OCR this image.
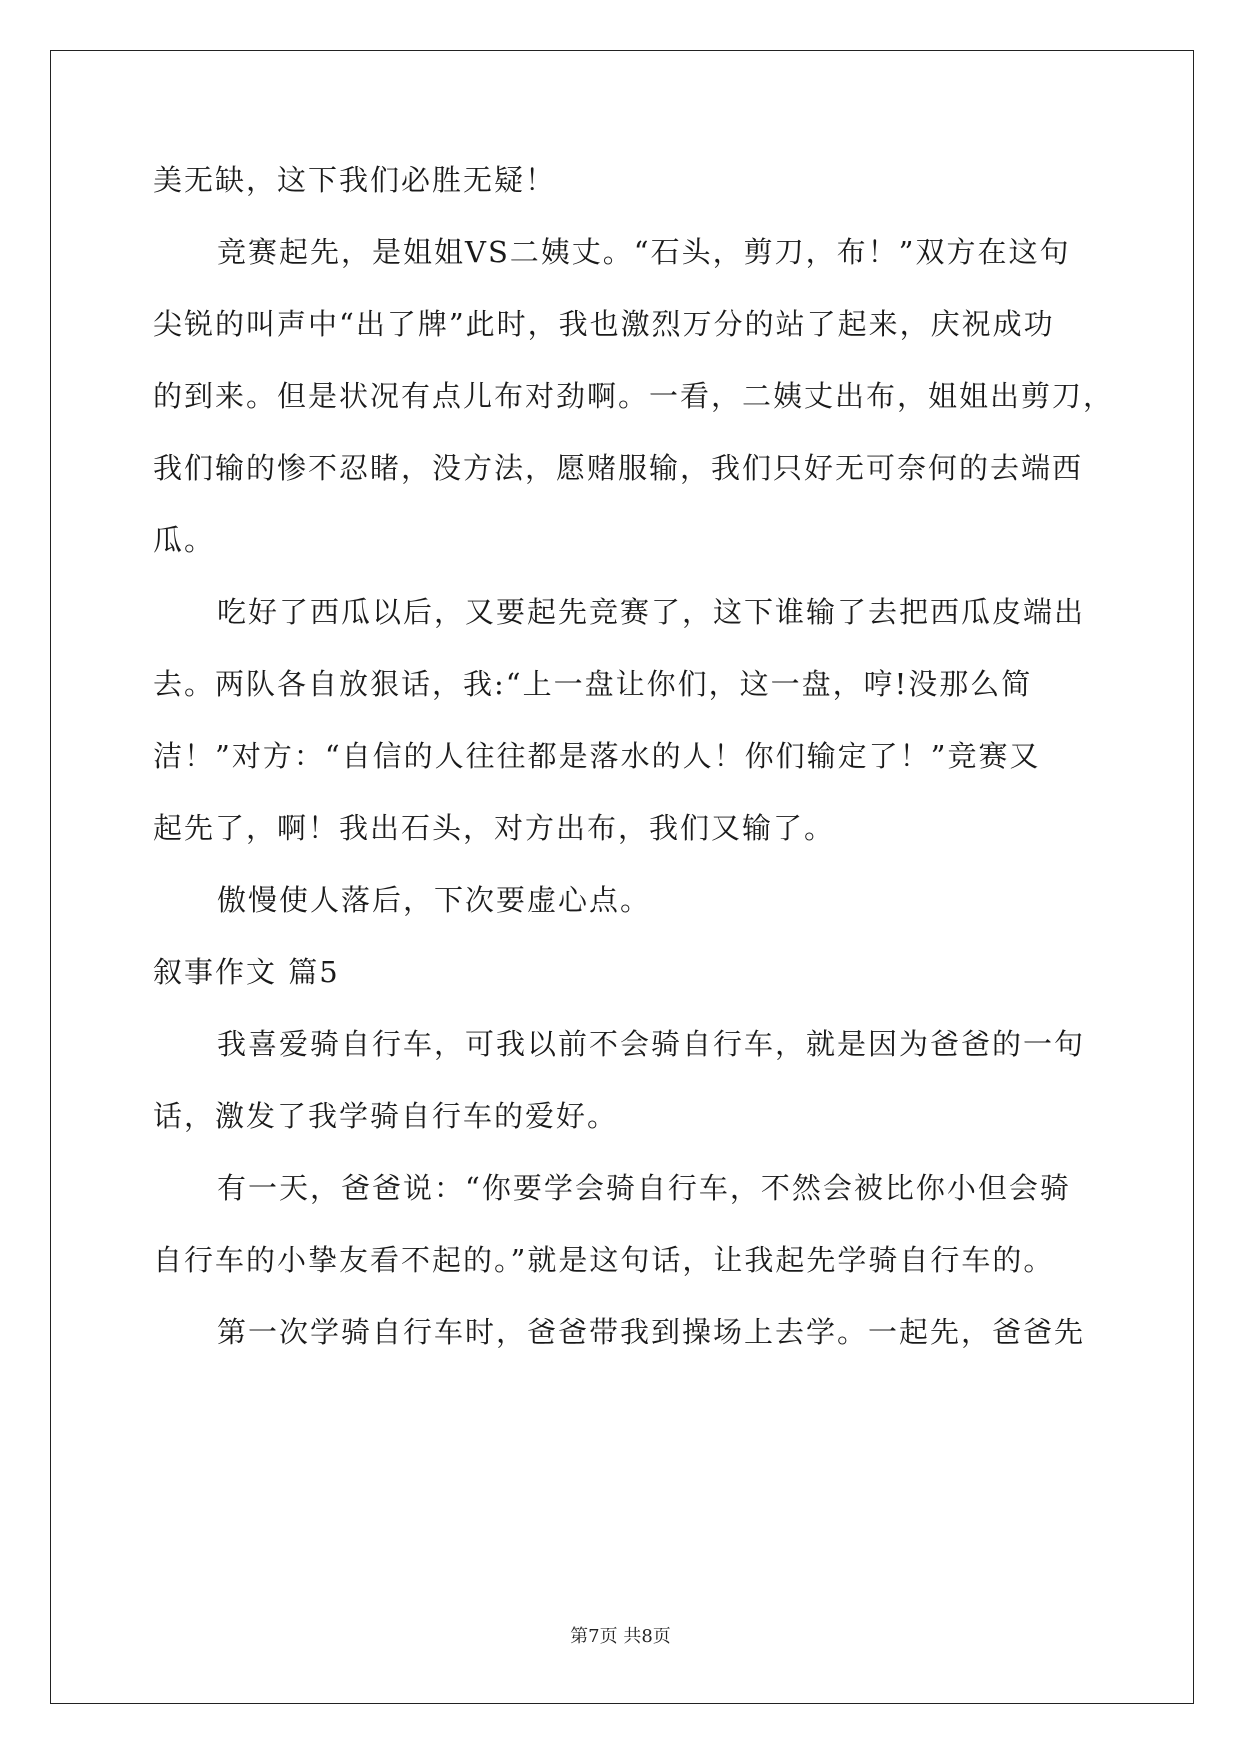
美无缺，这下我们必胜无疑！
竞赛起先，是姐姐VS二姨丈。“石头，剪刀，布！”双方在这句
尖锐的叫声中“出了牌”此时，我也激烈万分的站了起来，庆祝成功
的到来。但是状况有点儿布对劲啊。一看，二姨丈出布，姐姐出剪刀，
我们输的惨不忍睹，没方法，愿赌服输，我们只好无可奈何的去端西
瓜。
吃好了西瓜以后，又要起先竞赛了，这下谁输了去把西瓜皮端出
去。两队各自放狠话，我:“上一盘让你们，这一盘，哼!没那么简
洁！”对方：“自信的人往往都是落水的人！你们输定了！”竞赛又
起先了，啊！我出石头，对方出布，我们又输了。
傲慢使人落后，下次要虚心点。
叙事作文 篇5
我喜爱骑自行车，可我以前不会骑自行车，就是因为爸爸的一句
话，激发了我学骑自行车的爱好。
有一天，爸爸说：“你要学会骑自行车，不然会被比你小但会骑
自行车的小挚友看不起的。”就是这句话，让我起先学骑自行车的。
第一次学骑自行车时，爸爸带我到操场上去学。一起先，爸爸先
第7页 共8页
